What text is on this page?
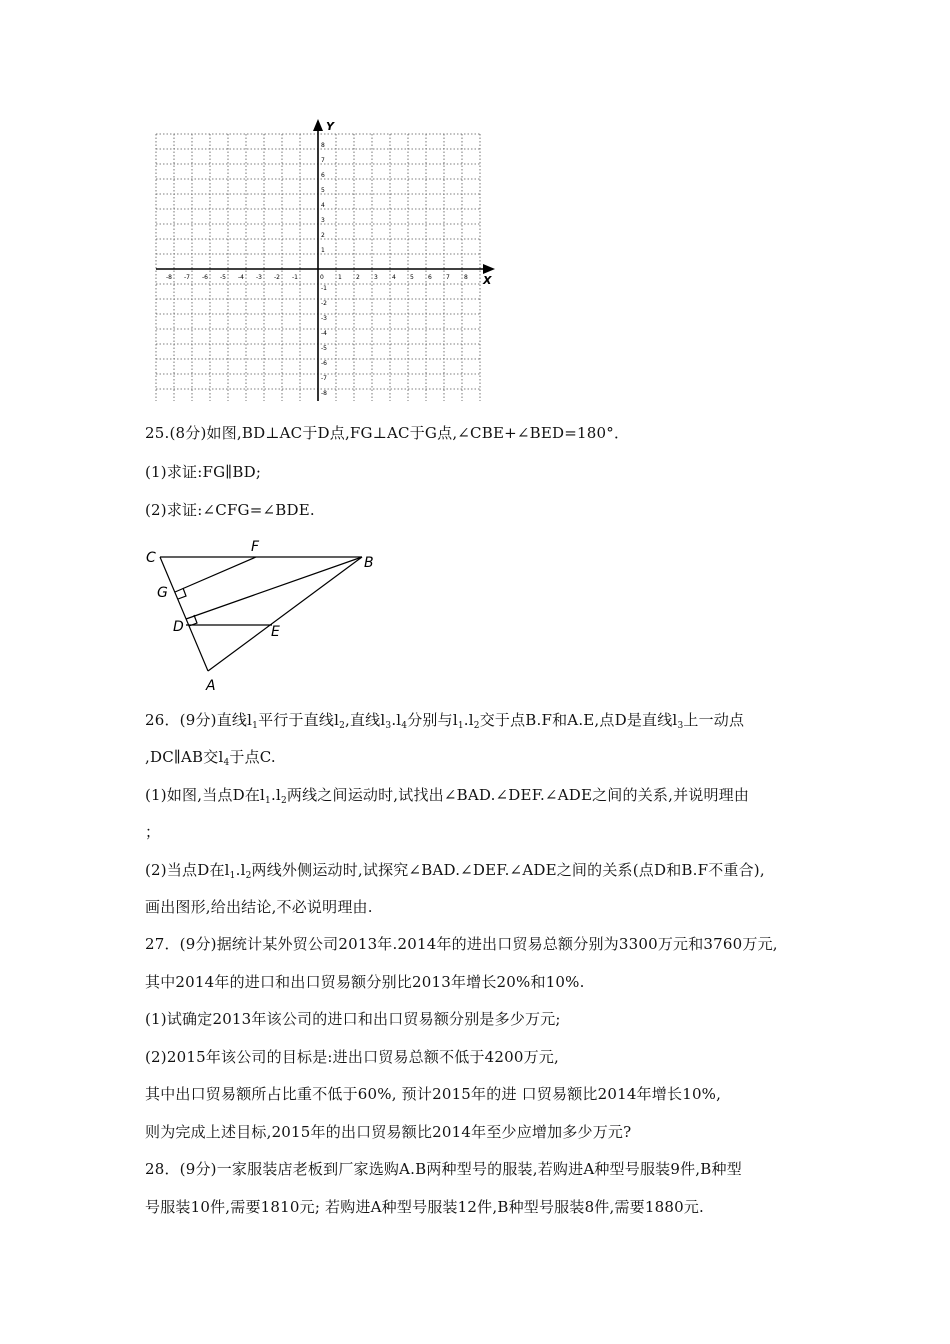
X
Y
-8 -7 -6 -5 -4 -3 -2 -1	0 1 2 3 4 5 6 7 8
8
7
6
5
4
3
2
1
-1
-2
-3
-4
-5
-6
-7
-8
25.(8分)如图,BD⊥AC于D点,FG⊥AC于G点,∠CBE+∠BED=180°．
(1)求证:FG∥BD;
(2)求证:∠CFG=∠BDE.
C
F
B
G
D	E
A
26．(9分)直线$l_1$平行于直线$l_2$,直线$l_3.l_4$分别与$l_1.l_2$交于点B.F和A.E,点D是直线$l_3$上一动点
,DC∥AB交$l_4$于点C.
(1)如图,当点D在$l_1.l_2$两线之间运动时,试找出∠BAD.∠DEF.∠ADE之间的关系,并说明理由
；
(2)当点D在$l_1.l_2$两线外侧运动时,试探究∠BAD.∠DEF.∠ADE之间的关系(点D和B.F不重合),
画出图形,给出结论,不必说明理由.
27．(9分)据统计某外贸公司2013年.2014年的进出口贸易总额分别为3300万元和3760万元,
其中2014年的进口和出口贸易额分别比2013年增长20%和10%.
(1)试确定2013年该公司的进口和出口贸易额分别是多少万元;
(2)2015年该公司的目标是:进出口贸易总额不低于4200万元,
其中出口贸易额所占比重不低于60%, 预计2015年的进 口贸易额比2014年增长10%,
则为完成上述目标,2015年的出口贸易额比2014年至少应增加多少万元?
28．(9分)一家服装店老板到厂家选购A.B两种型号的服装,若购进A种型号服装9件,B种型
号服装10件,需要1810元; 若购进A种型号服装12件,B种型号服装8件,需要1880元.
